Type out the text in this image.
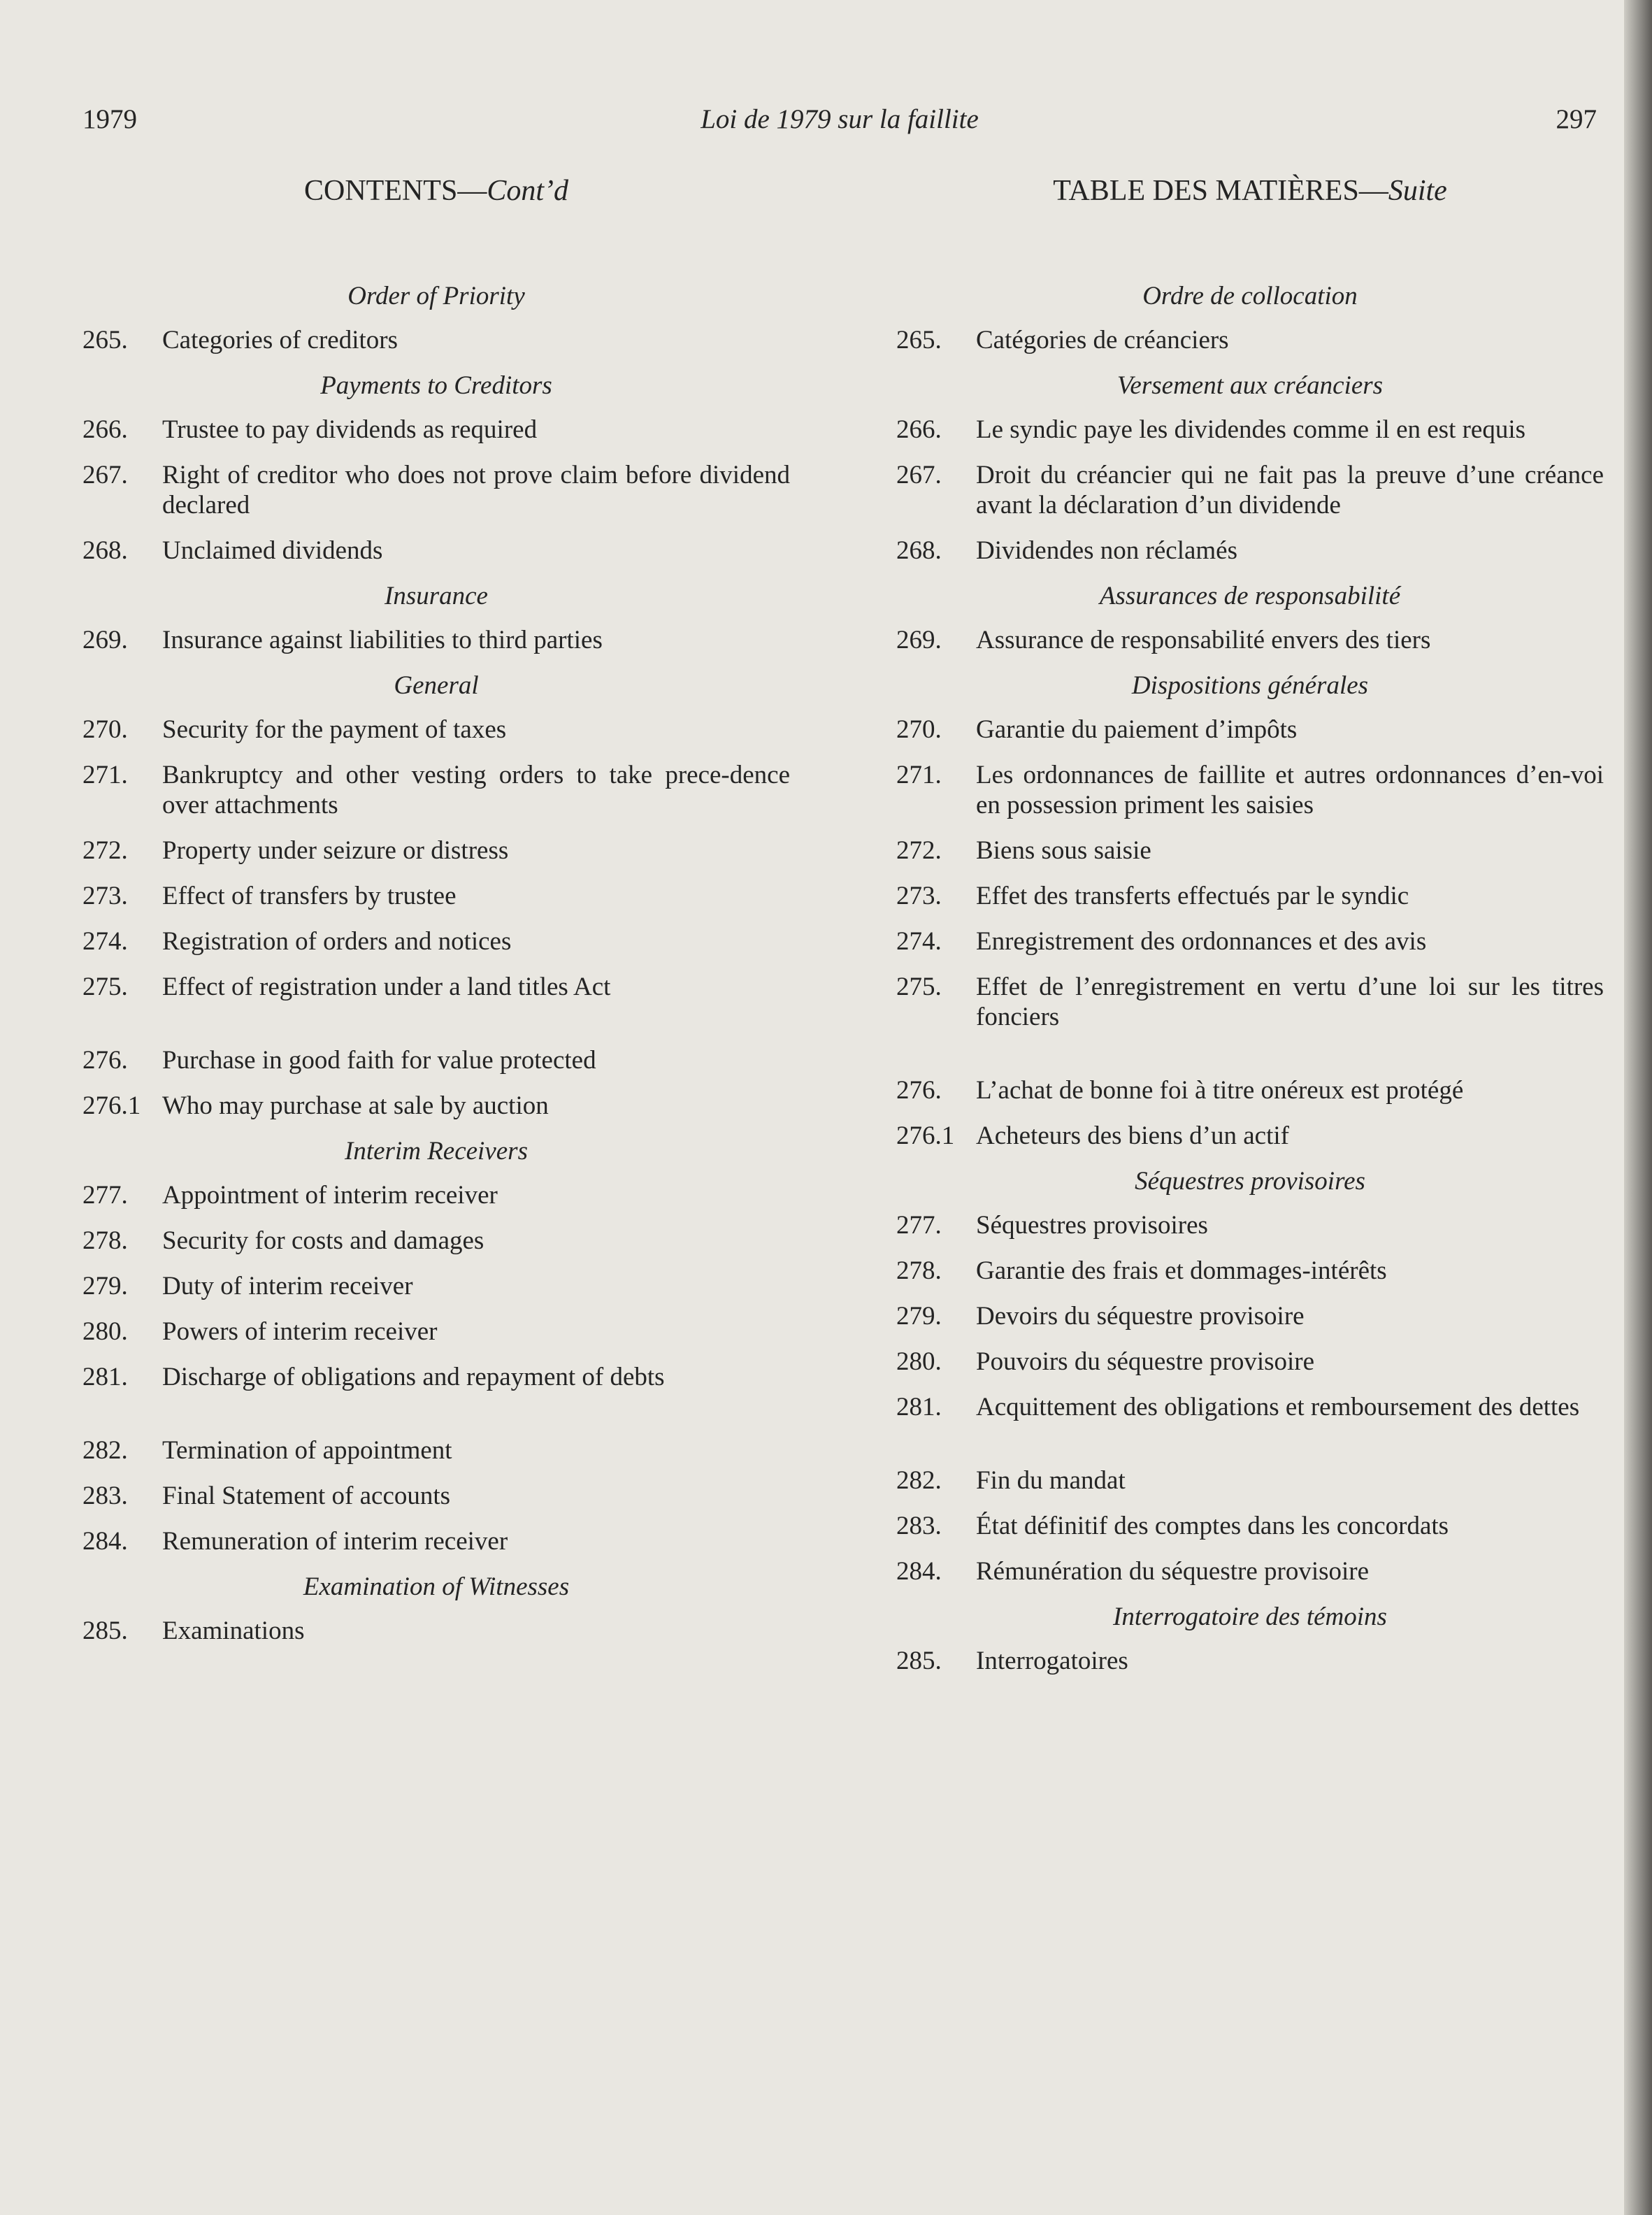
1979	Loi de 1979 sur la faillite	297
CONTENTS—Cont’d
Order of Priority
265. Categories of creditors
Payments to Creditors
266. Trustee to pay dividends as required
267. Right of creditor who does not prove claim before dividend declared
268. Unclaimed dividends
Insurance
269. Insurance against liabilities to third parties
General
270. Security for the payment of taxes
271. Bankruptcy and other vesting orders to take prece-dence over attachments
272. Property under seizure or distress
273. Effect of transfers by trustee
274. Registration of orders and notices
275. Effect of registration under a land titles Act
276. Purchase in good faith for value protected
276.1 Who may purchase at sale by auction
Interim Receivers
277. Appointment of interim receiver
278. Security for costs and damages
279. Duty of interim receiver
280. Powers of interim receiver
281. Discharge of obligations and repayment of debts
282. Termination of appointment
283. Final Statement of accounts
284. Remuneration of interim receiver
Examination of Witnesses
285. Examinations
TABLE DES MATIÈRES—Suite
Ordre de collocation
265. Catégories de créanciers
Versement aux créanciers
266. Le syndic paye les dividendes comme il en est requis
267. Droit du créancier qui ne fait pas la preuve d’une créance avant la déclaration d’un dividende
268. Dividendes non réclamés
Assurances de responsabilité
269. Assurance de responsabilité envers des tiers
Dispositions générales
270. Garantie du paiement d’impôts
271. Les ordonnances de faillite et autres ordonnances d’en-voi en possession priment les saisies
272. Biens sous saisie
273. Effet des transferts effectués par le syndic
274. Enregistrement des ordonnances et des avis
275. Effet de l’enregistrement en vertu d’une loi sur les titres fonciers
276. L’achat de bonne foi à titre onéreux est protégé
276.1 Acheteurs des biens d’un actif
Séquestres provisoires
277. Séquestres provisoires
278. Garantie des frais et dommages-intérêts
279. Devoirs du séquestre provisoire
280. Pouvoirs du séquestre provisoire
281. Acquittement des obligations et remboursement des dettes
282. Fin du mandat
283. État définitif des comptes dans les concordats
284. Rémunération du séquestre provisoire
Interrogatoire des témoins
285. Interrogatoires
